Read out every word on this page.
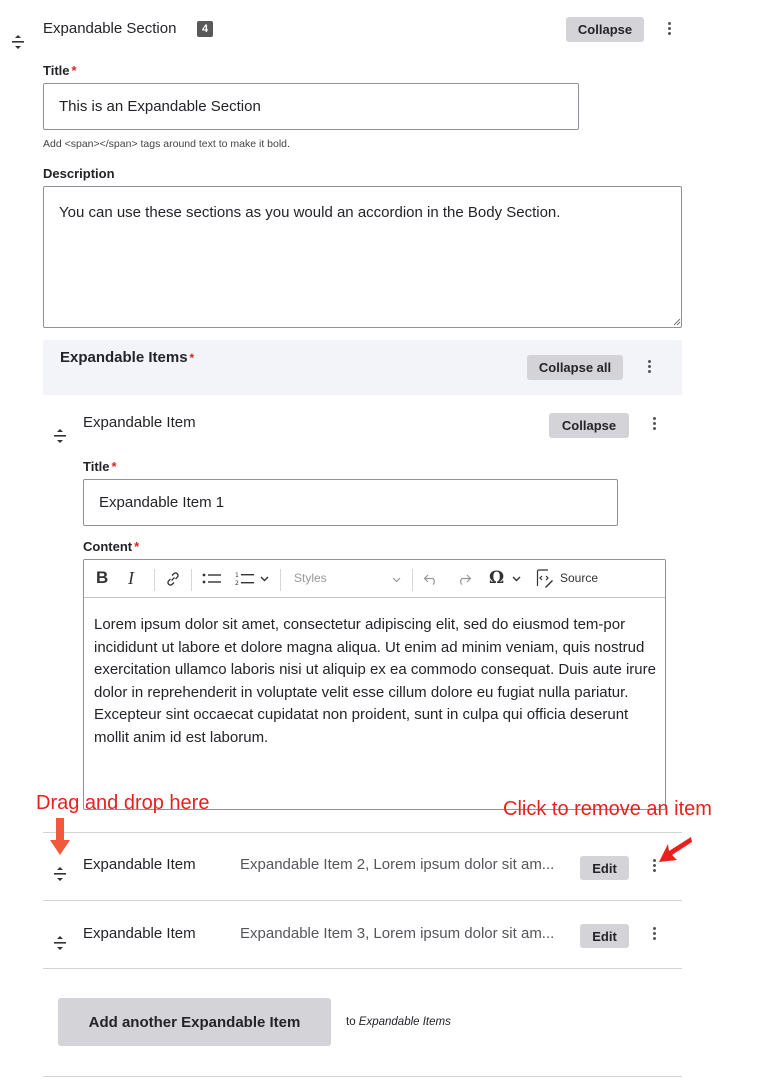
Expandable Section	4	Collapse
Title *
This is an Expandable Section
Add <span></span> tags around text to make it bold.
Description
You can use these sections as you would an accordion in the Body Section.
Expandable Items *
Collapse all
Expandable Item	Collapse
Title *
Expandable Item 1
Content *
B I	1
2	Styles	Ω	Source
Lorem ipsum dolor sit amet, consectetur adipiscing elit, sed do eiusmod tem-por incididunt ut labore et dolore magna aliqua. Ut enim ad minim veniam, quis nostrud exercitation ullamco laboris nisi ut aliquip ex ea commodo consequat. Duis aute irure dolor in reprehenderit in voluptate velit esse cillum dolore eu fugiat nulla pariatur. Excepteur sint occaecat cupidatat non proident, sunt in culpa qui officia deserunt mollit anim id est laborum.
Expandable Item	Expandable Item 2, Lorem ipsum dolor sit am...	Edit
Expandable Item	Expandable Item 3, Lorem ipsum dolor sit am...	Edit
Add another Expandable Item	to Expandable Items
Drag and drop here	Click to remove an item
